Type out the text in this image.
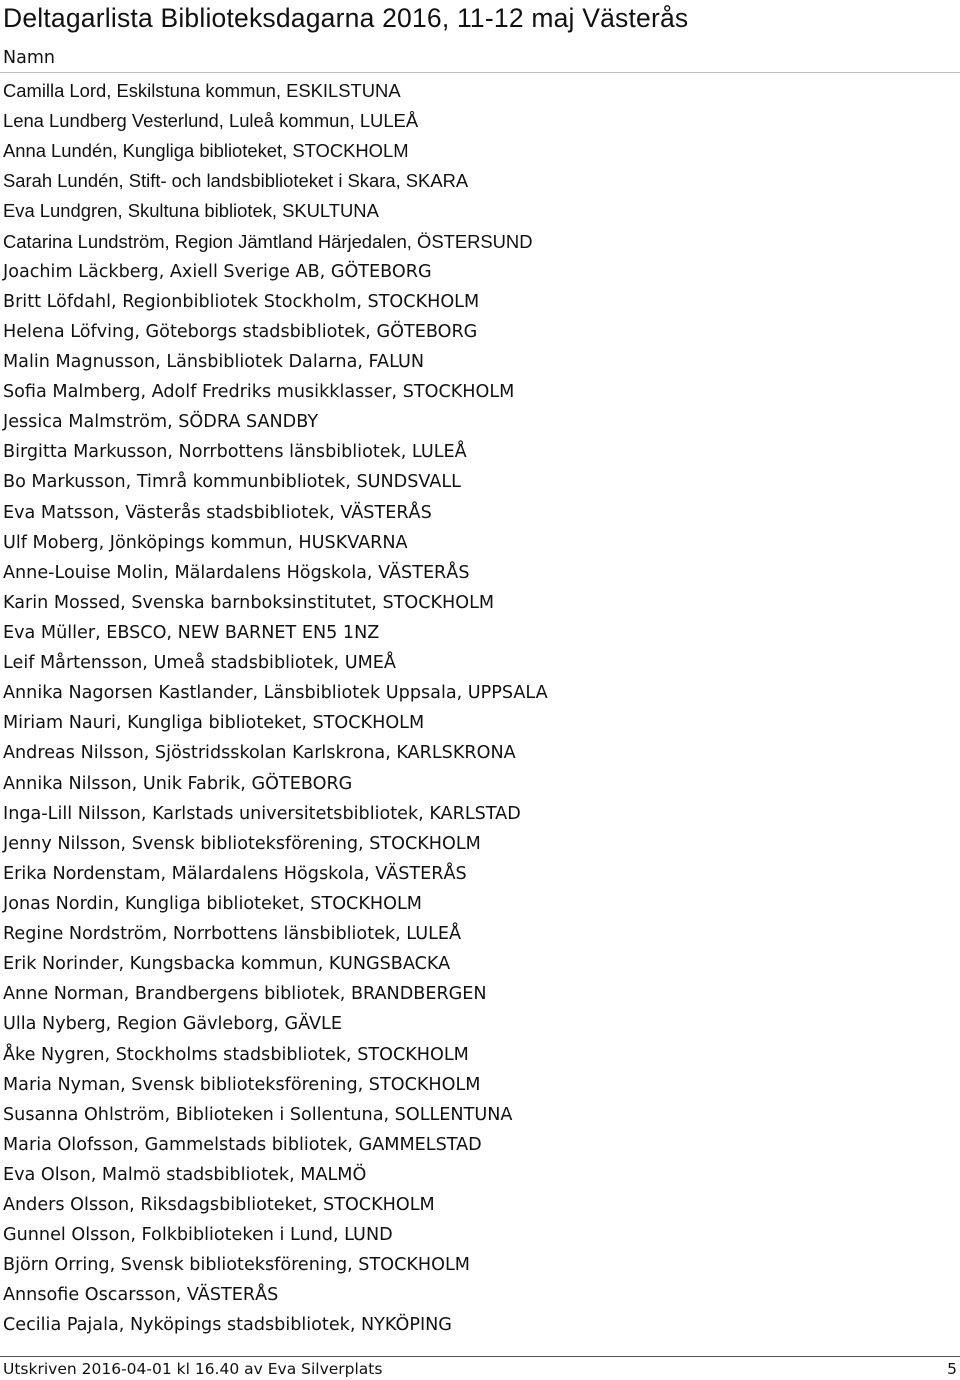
Deltagarlista Biblioteksdagarna 2016, 11-12 maj Västerås
Namn
Camilla Lord, Eskilstuna kommun, ESKILSTUNA
Lena Lundberg Vesterlund, Luleå kommun, LULEÅ
Anna Lundén, Kungliga biblioteket, STOCKHOLM
Sarah Lundén, Stift- och landsbiblioteket i Skara, SKARA
Eva Lundgren, Skultuna bibliotek, SKULTUNA
Catarina Lundström, Region Jämtland Härjedalen, ÖSTERSUND
Joachim Läckberg, Axiell Sverige AB, GÖTEBORG
Britt Löfdahl, Regionbibliotek Stockholm, STOCKHOLM
Helena Löfving, Göteborgs stadsbibliotek, GÖTEBORG
Malin Magnusson, Länsbibliotek Dalarna, FALUN
Sofia Malmberg, Adolf Fredriks musikklasser, STOCKHOLM
Jessica Malmström, SÖDRA SANDBY
Birgitta Markusson, Norrbottens länsbibliotek, LULEÅ
Bo Markusson, Timrå kommunbibliotek, SUNDSVALL
Eva Matsson, Västerås stadsbibliotek, VÄSTERÅS
Ulf Moberg, Jönköpings kommun, HUSKVARNA
Anne-Louise Molin, Mälardalens Högskola, VÄSTERÅS
Karin Mossed, Svenska barnboksinstitutet, STOCKHOLM
Eva Müller, EBSCO, NEW BARNET EN5 1NZ
Leif Mårtensson, Umeå stadsbibliotek, UMEÅ
Annika Nagorsen Kastlander, Länsbibliotek Uppsala, UPPSALA
Miriam Nauri, Kungliga biblioteket, STOCKHOLM
Andreas Nilsson, Sjöstridsskolan Karlskrona, KARLSKRONA
Annika Nilsson, Unik Fabrik, GÖTEBORG
Inga-Lill Nilsson, Karlstads universitetsbibliotek, KARLSTAD
Jenny Nilsson, Svensk biblioteksförening, STOCKHOLM
Erika Nordenstam, Mälardalens Högskola, VÄSTERÅS
Jonas Nordin, Kungliga biblioteket, STOCKHOLM
Regine Nordström, Norrbottens länsbibliotek, LULEÅ
Erik Norinder, Kungsbacka kommun, KUNGSBACKA
Anne Norman, Brandbergens bibliotek, BRANDBERGEN
Ulla Nyberg, Region Gävleborg, GÄVLE
Åke Nygren, Stockholms stadsbibliotek, STOCKHOLM
Maria Nyman, Svensk biblioteksförening, STOCKHOLM
Susanna Ohlström, Biblioteken i Sollentuna, SOLLENTUNA
Maria Olofsson, Gammelstads bibliotek, GAMMELSTAD
Eva Olson, Malmö stadsbibliotek, MALMÖ
Anders Olsson, Riksdagsbiblioteket, STOCKHOLM
Gunnel Olsson, Folkbiblioteken i Lund, LUND
Björn Orring, Svensk biblioteksförening, STOCKHOLM
Annsofie Oscarsson, VÄSTERÅS
Cecilia Pajala, Nyköpings stadsbibliotek, NYKÖPING
Utskriven 2016-04-01 kl 16.40 av Eva Silverplats	5
